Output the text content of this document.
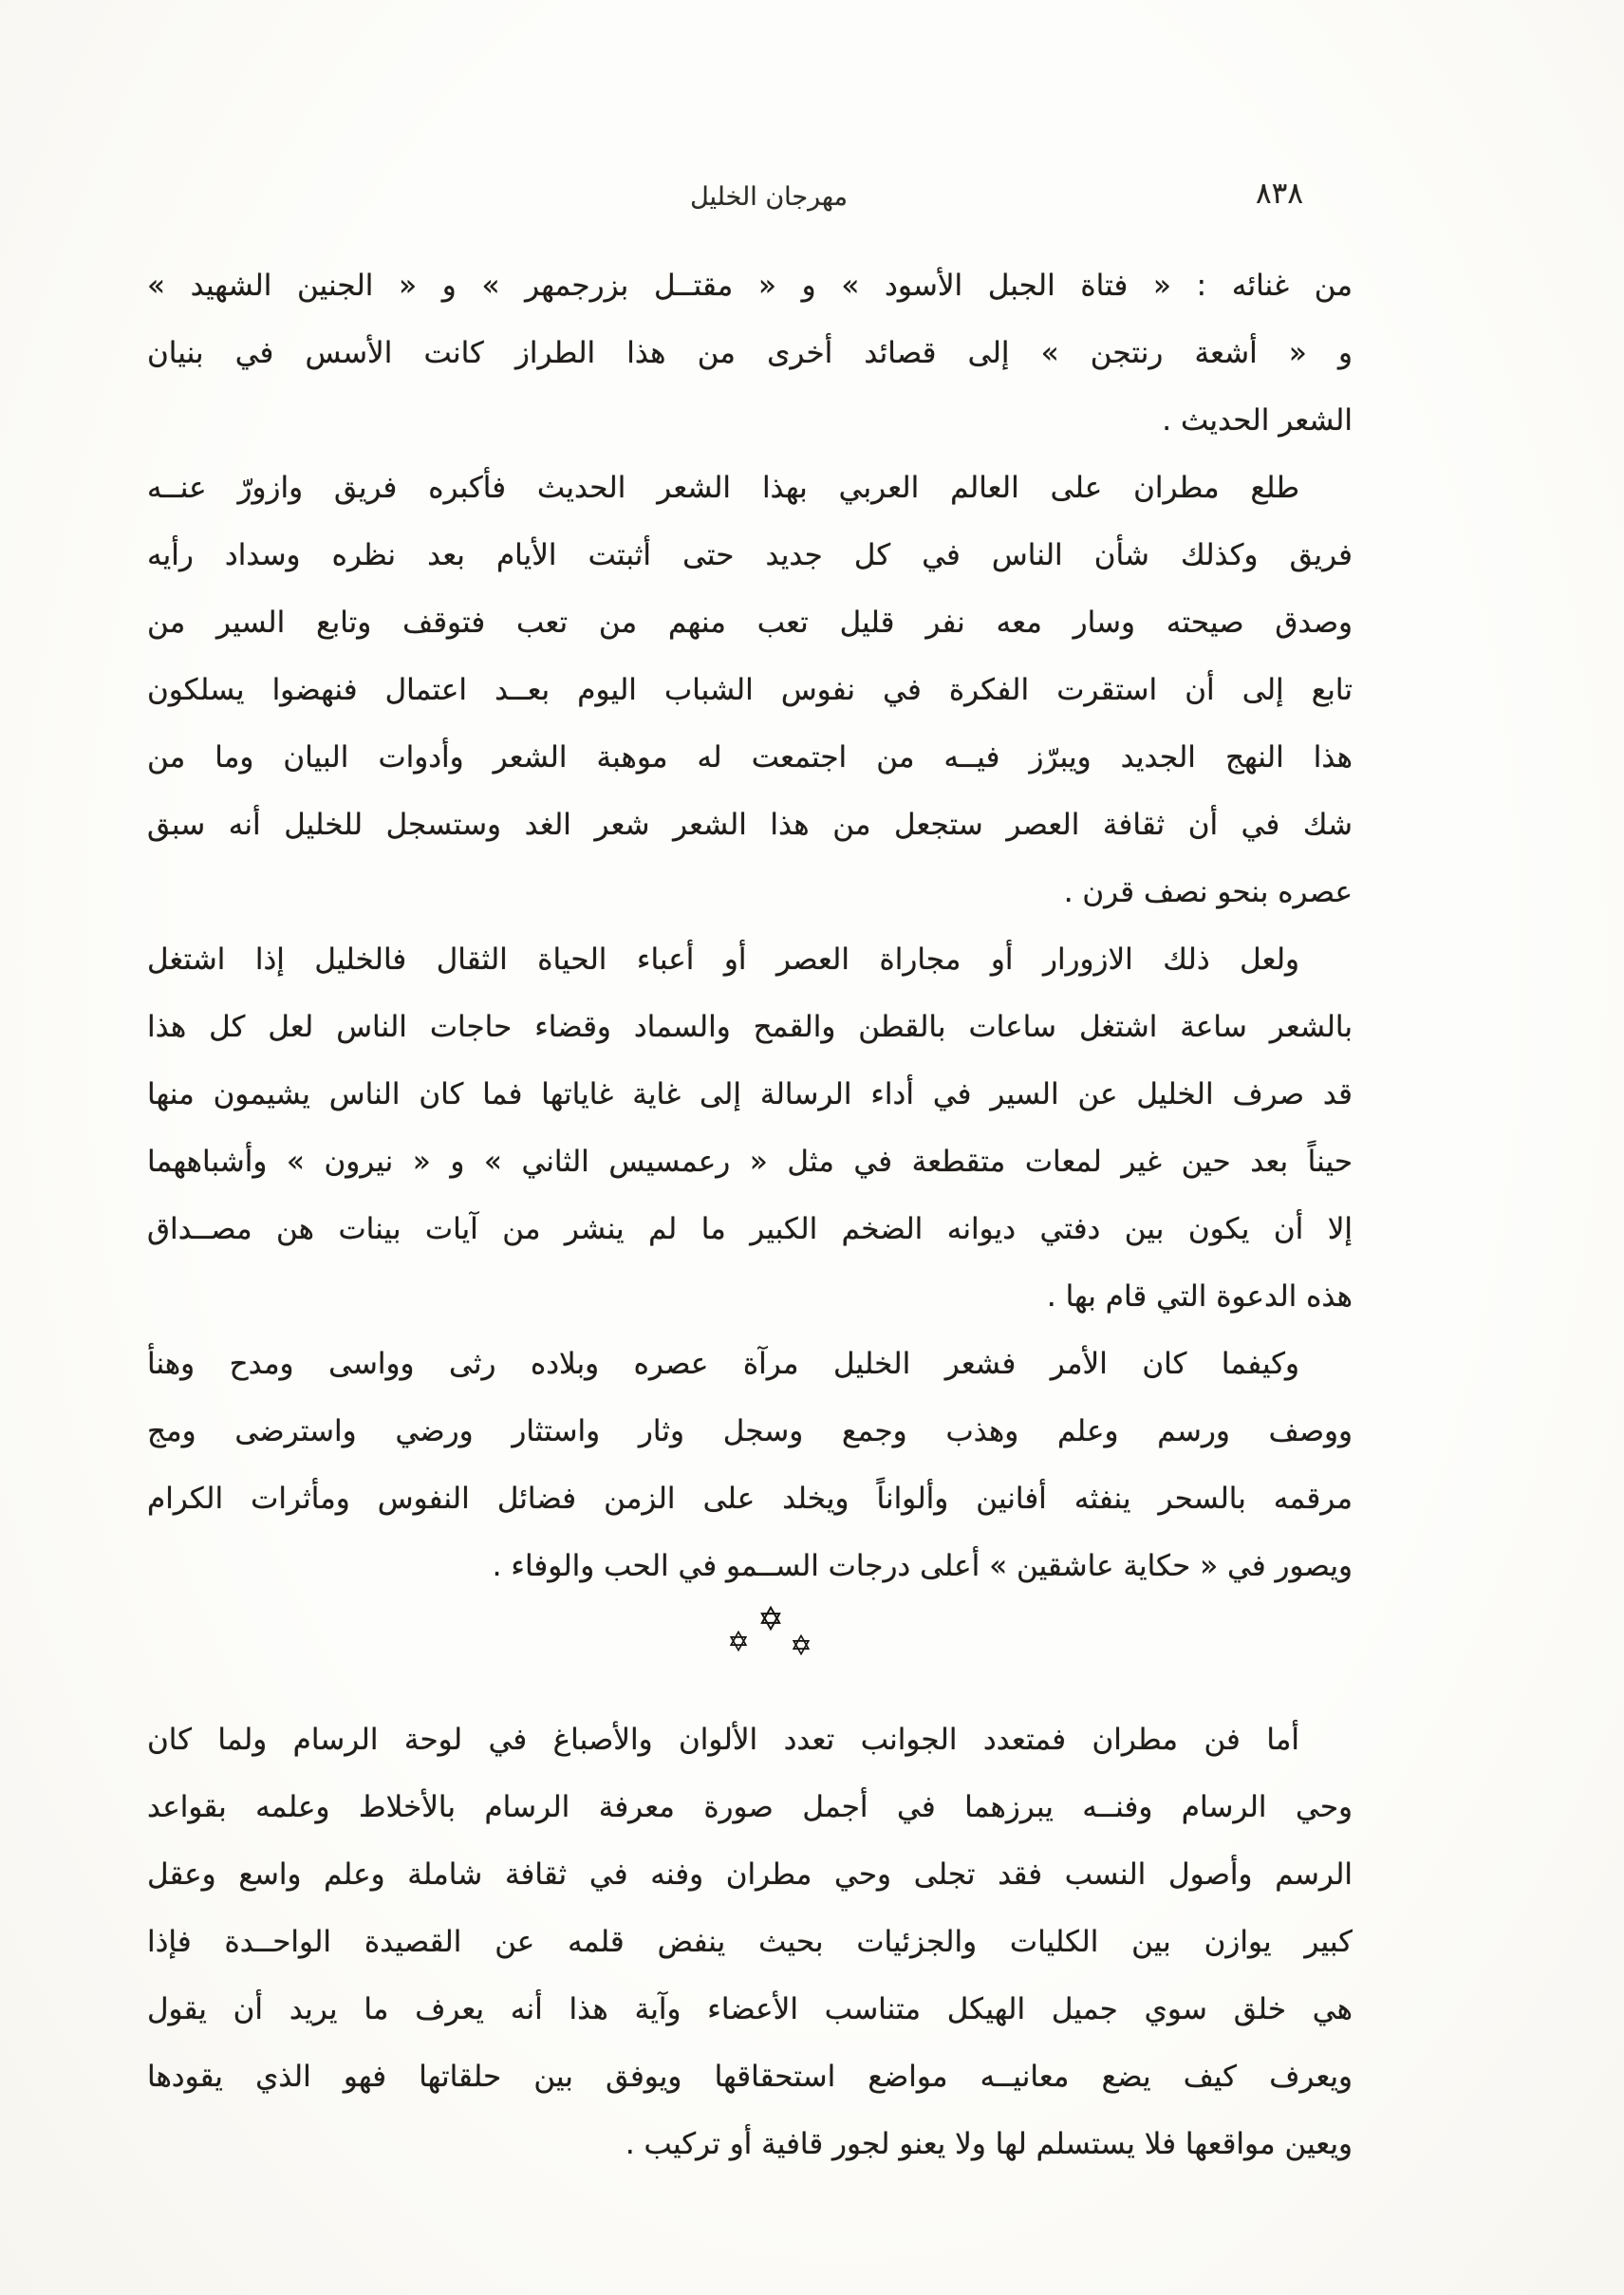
مهرجان الخليل	٨٣٨
من غنائه : « فتاة الجبل الأسود » و « مقتــل بزرجمهر » و « الجنين الشهيد »
و « أشعة رنتجن » إلى قصائد أخرى من هذا الطراز كانت الأسس في بنيان
الشعر الحديث .
طلع مطران على العالم العربي بهذا الشعر الحديث فأكبره فريق وازورّ عنــه
فريق وكذلك شأن الناس في كل جديد حتى أثبتت الأيام بعد نظره وسداد رأيه
وصدق صيحته وسار معه نفر قليل تعب منهم من تعب فتوقف وتابع السير من
تابع إلى أن استقرت الفكرة في نفوس الشباب اليوم بعــد اعتمال فنهضوا يسلكون
هذا النهج الجديد ويبرّز فيــه من اجتمعت له موهبة الشعر وأدوات البيان وما من
شك في أن ثقافة العصر ستجعل من هذا الشعر شعر الغد وستسجل للخليل أنه سبق
عصره بنحو نصف قرن .
ولعل ذلك الازورار أو مجاراة العصر أو أعباء الحياة الثقال فالخليل إذا اشتغل
بالشعر ساعة اشتغل ساعات بالقطن والقمح والسماد وقضاء حاجات الناس لعل كل هذا
قد صرف الخليل عن السير في أداء الرسالة إلى غاية غاياتها فما كان الناس يشيمون منها
حيناً بعد حين غير لمعات متقطعة في مثل « رعمسيس الثاني » و « نيرون » وأشباههما
إلا أن يكون بين دفتي ديوانه الضخم الكبير ما لم ينشر من آيات بينات هن مصــداق
هذه الدعوة التي قام بها .
وكيفما كان الأمر فشعر الخليل مرآة عصره وبلاده رثى وواسى ومدح وهنأ
ووصف ورسم وعلم وهذب وجمع وسجل وثار واستثار ورضي واسترضى ومج
مرقمه بالسحر ينفثه أفانين وألواناً ويخلد على الزمن فضائل النفوس ومأثرات الكرام
ويصور في « حكاية عاشقين » أعلى درجات الســمو في الحب والوفاء .
أما فن مطران فمتعدد الجوانب تعدد الألوان والأصباغ في لوحة الرسام ولما كان
وحي الرسام وفنــه يبرزهما في أجمل صورة معرفة الرسام بالأخلاط وعلمه بقواعد
الرسم وأصول النسب فقد تجلى وحي مطران وفنه في ثقافة شاملة وعلم واسع وعقل
كبير يوازن بين الكليات والجزئيات بحيث ينفض قلمه عن القصيدة الواحــدة فإذا
هي خلق سوي جميل الهيكل متناسب الأعضاء وآية هذا أنه يعرف ما يريد أن يقول
ويعرف كيف يضع معانيــه مواضع استحقاقها ويوفق بين حلقاتها فهو الذي يقودها
ويعين مواقعها فلا يستسلم لها ولا يعنو لجور قافية أو تركيب .
